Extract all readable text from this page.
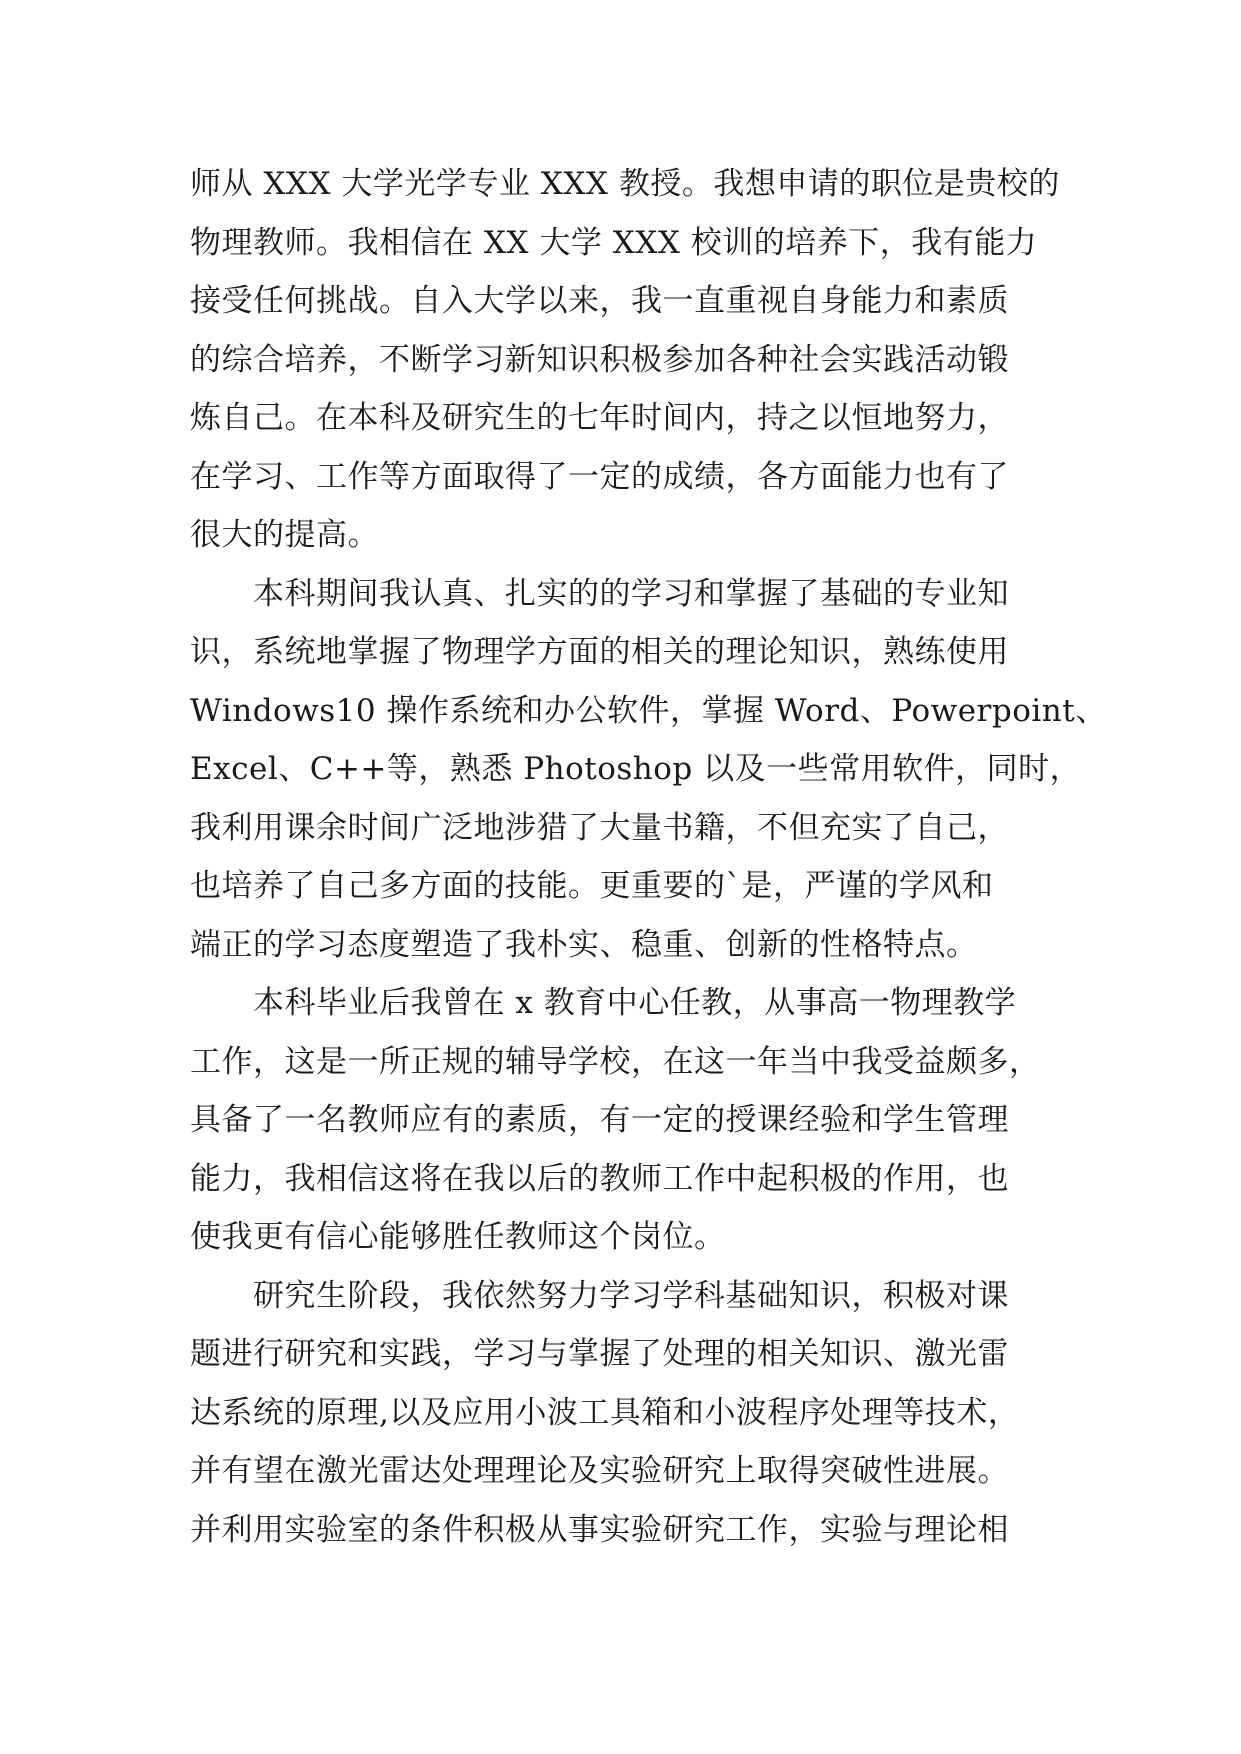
师从 XXX 大学光学专业 XXX 教授。我想申请的职位是贵校的
物理教师。我相信在 XX 大学 XXX 校训的培养下，我有能力
接受任何挑战。自入大学以来，我一直重视自身能力和素质
的综合培养，不断学习新知识积极参加各种社会实践活动锻
炼自己。在本科及研究生的七年时间内，持之以恒地努力，
在学习、工作等方面取得了一定的成绩，各方面能力也有了
很大的提高。
　　本科期间我认真、扎实的的学习和掌握了基础的专业知
识，系统地掌握了物理学方面的相关的理论知识，熟练使用
Windows10 操作系统和办公软件，掌握 Word、Powerpoint、
Excel、C++等，熟悉 Photoshop 以及一些常用软件，同时，
我利用课余时间广泛地涉猎了大量书籍，不但充实了自己，
也培养了自己多方面的技能。更重要的`是，严谨的学风和
端正的学习态度塑造了我朴实、稳重、创新的性格特点。
　　本科毕业后我曾在 x 教育中心任教，从事高一物理教学
工作，这是一所正规的辅导学校，在这一年当中我受益颇多，
具备了一名教师应有的素质，有一定的授课经验和学生管理
能力，我相信这将在我以后的教师工作中起积极的作用，也
使我更有信心能够胜任教师这个岗位。
　　研究生阶段，我依然努力学习学科基础知识，积极对课
题进行研究和实践，学习与掌握了处理的相关知识、激光雷
达系统的原理,以及应用小波工具箱和小波程序处理等技术，
并有望在激光雷达处理理论及实验研究上取得突破性进展。
并利用实验室的条件积极从事实验研究工作，实验与理论相
